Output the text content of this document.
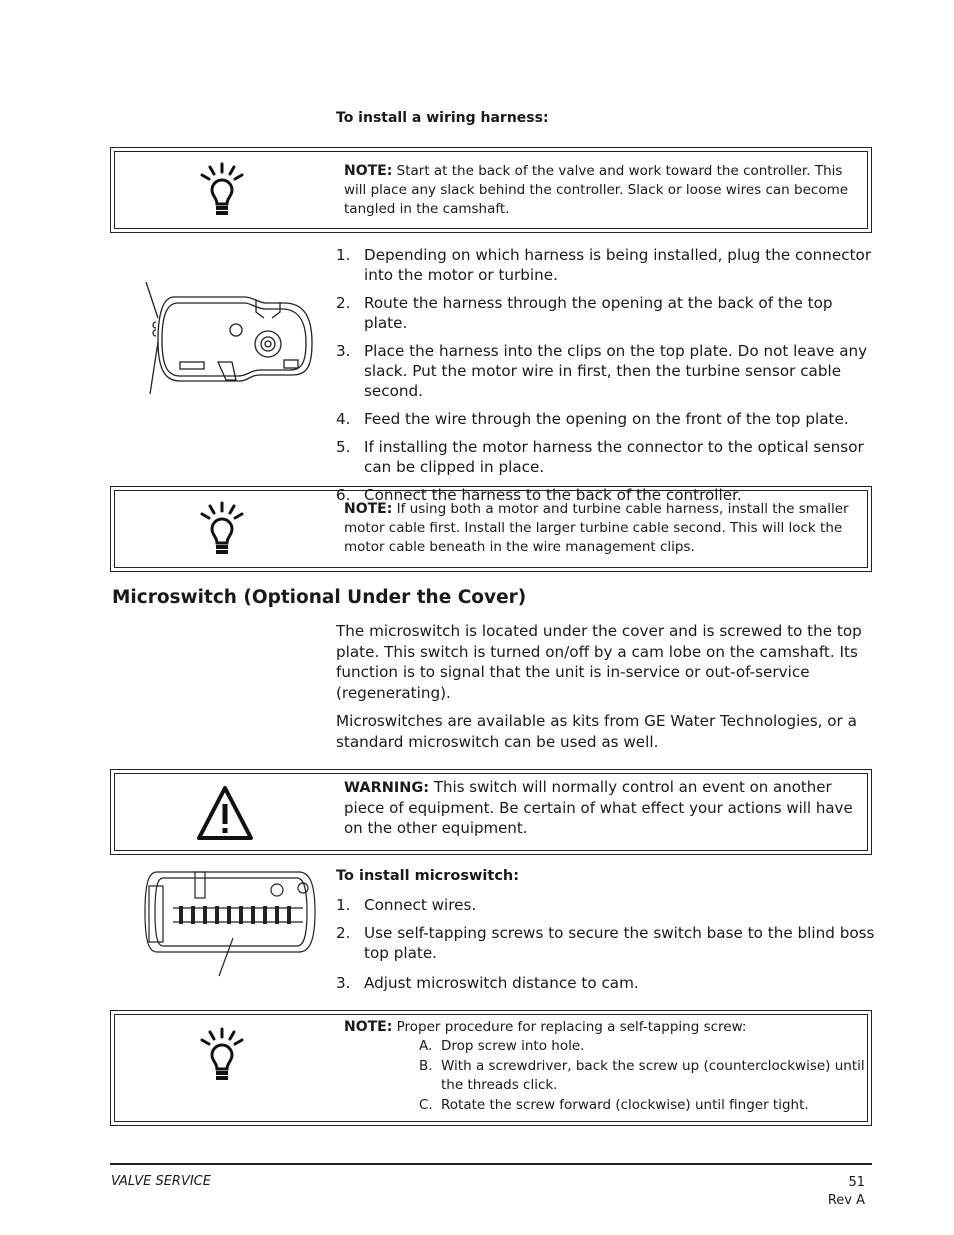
To install a wiring harness:
NOTE: Start at the back of the valve and work toward the controller. This will place any slack behind the controller. Slack or loose wires can become tangled in the camshaft.
1. Depending on which harness is being installed, plug the connector into the motor or turbine.
2. Route the harness through the opening at the back of the top plate.
3. Place the harness into the clips on the top plate. Do not leave any slack. Put the motor wire in first, then the turbine sensor cable second.
4. Feed the wire through the opening on the front of the top plate.
5. If installing the motor harness the connector to the optical sensor can be clipped in place.
6. Connect the harness to the back of the controller.
NOTE: If using both a motor and turbine cable harness, install the smaller motor cable first. Install the larger turbine cable second. This will lock the motor cable beneath in the wire management clips.
Microswitch (Optional Under the Cover)

The microswitch is located under the cover and is screwed to the top plate. This switch is turned on/off by a cam lobe on the camshaft. Its function is to signal that the unit is in-service or out-of-service (regenerating).

Microswitches are available as kits from GE Water Technologies, or a standard microswitch can be used as well.

WARNING: This switch will normally control an event on another piece of equipment. Be certain of what effect your actions will have on the other equipment.
To install microswitch:
1. Connect wires.
2. Use self-tapping screws to secure the switch base to the blind boss top plate.
3. Adjust microswitch distance to cam.
NOTE: Proper procedure for replacing a self-tapping screw:
A. Drop screw into hole.
B. With a screwdriver, back the screw up (counterclockwise) until the threads click.
C. Rotate the screw forward (clockwise) until finger tight.
VALVE SERVICE	51
Rev A
